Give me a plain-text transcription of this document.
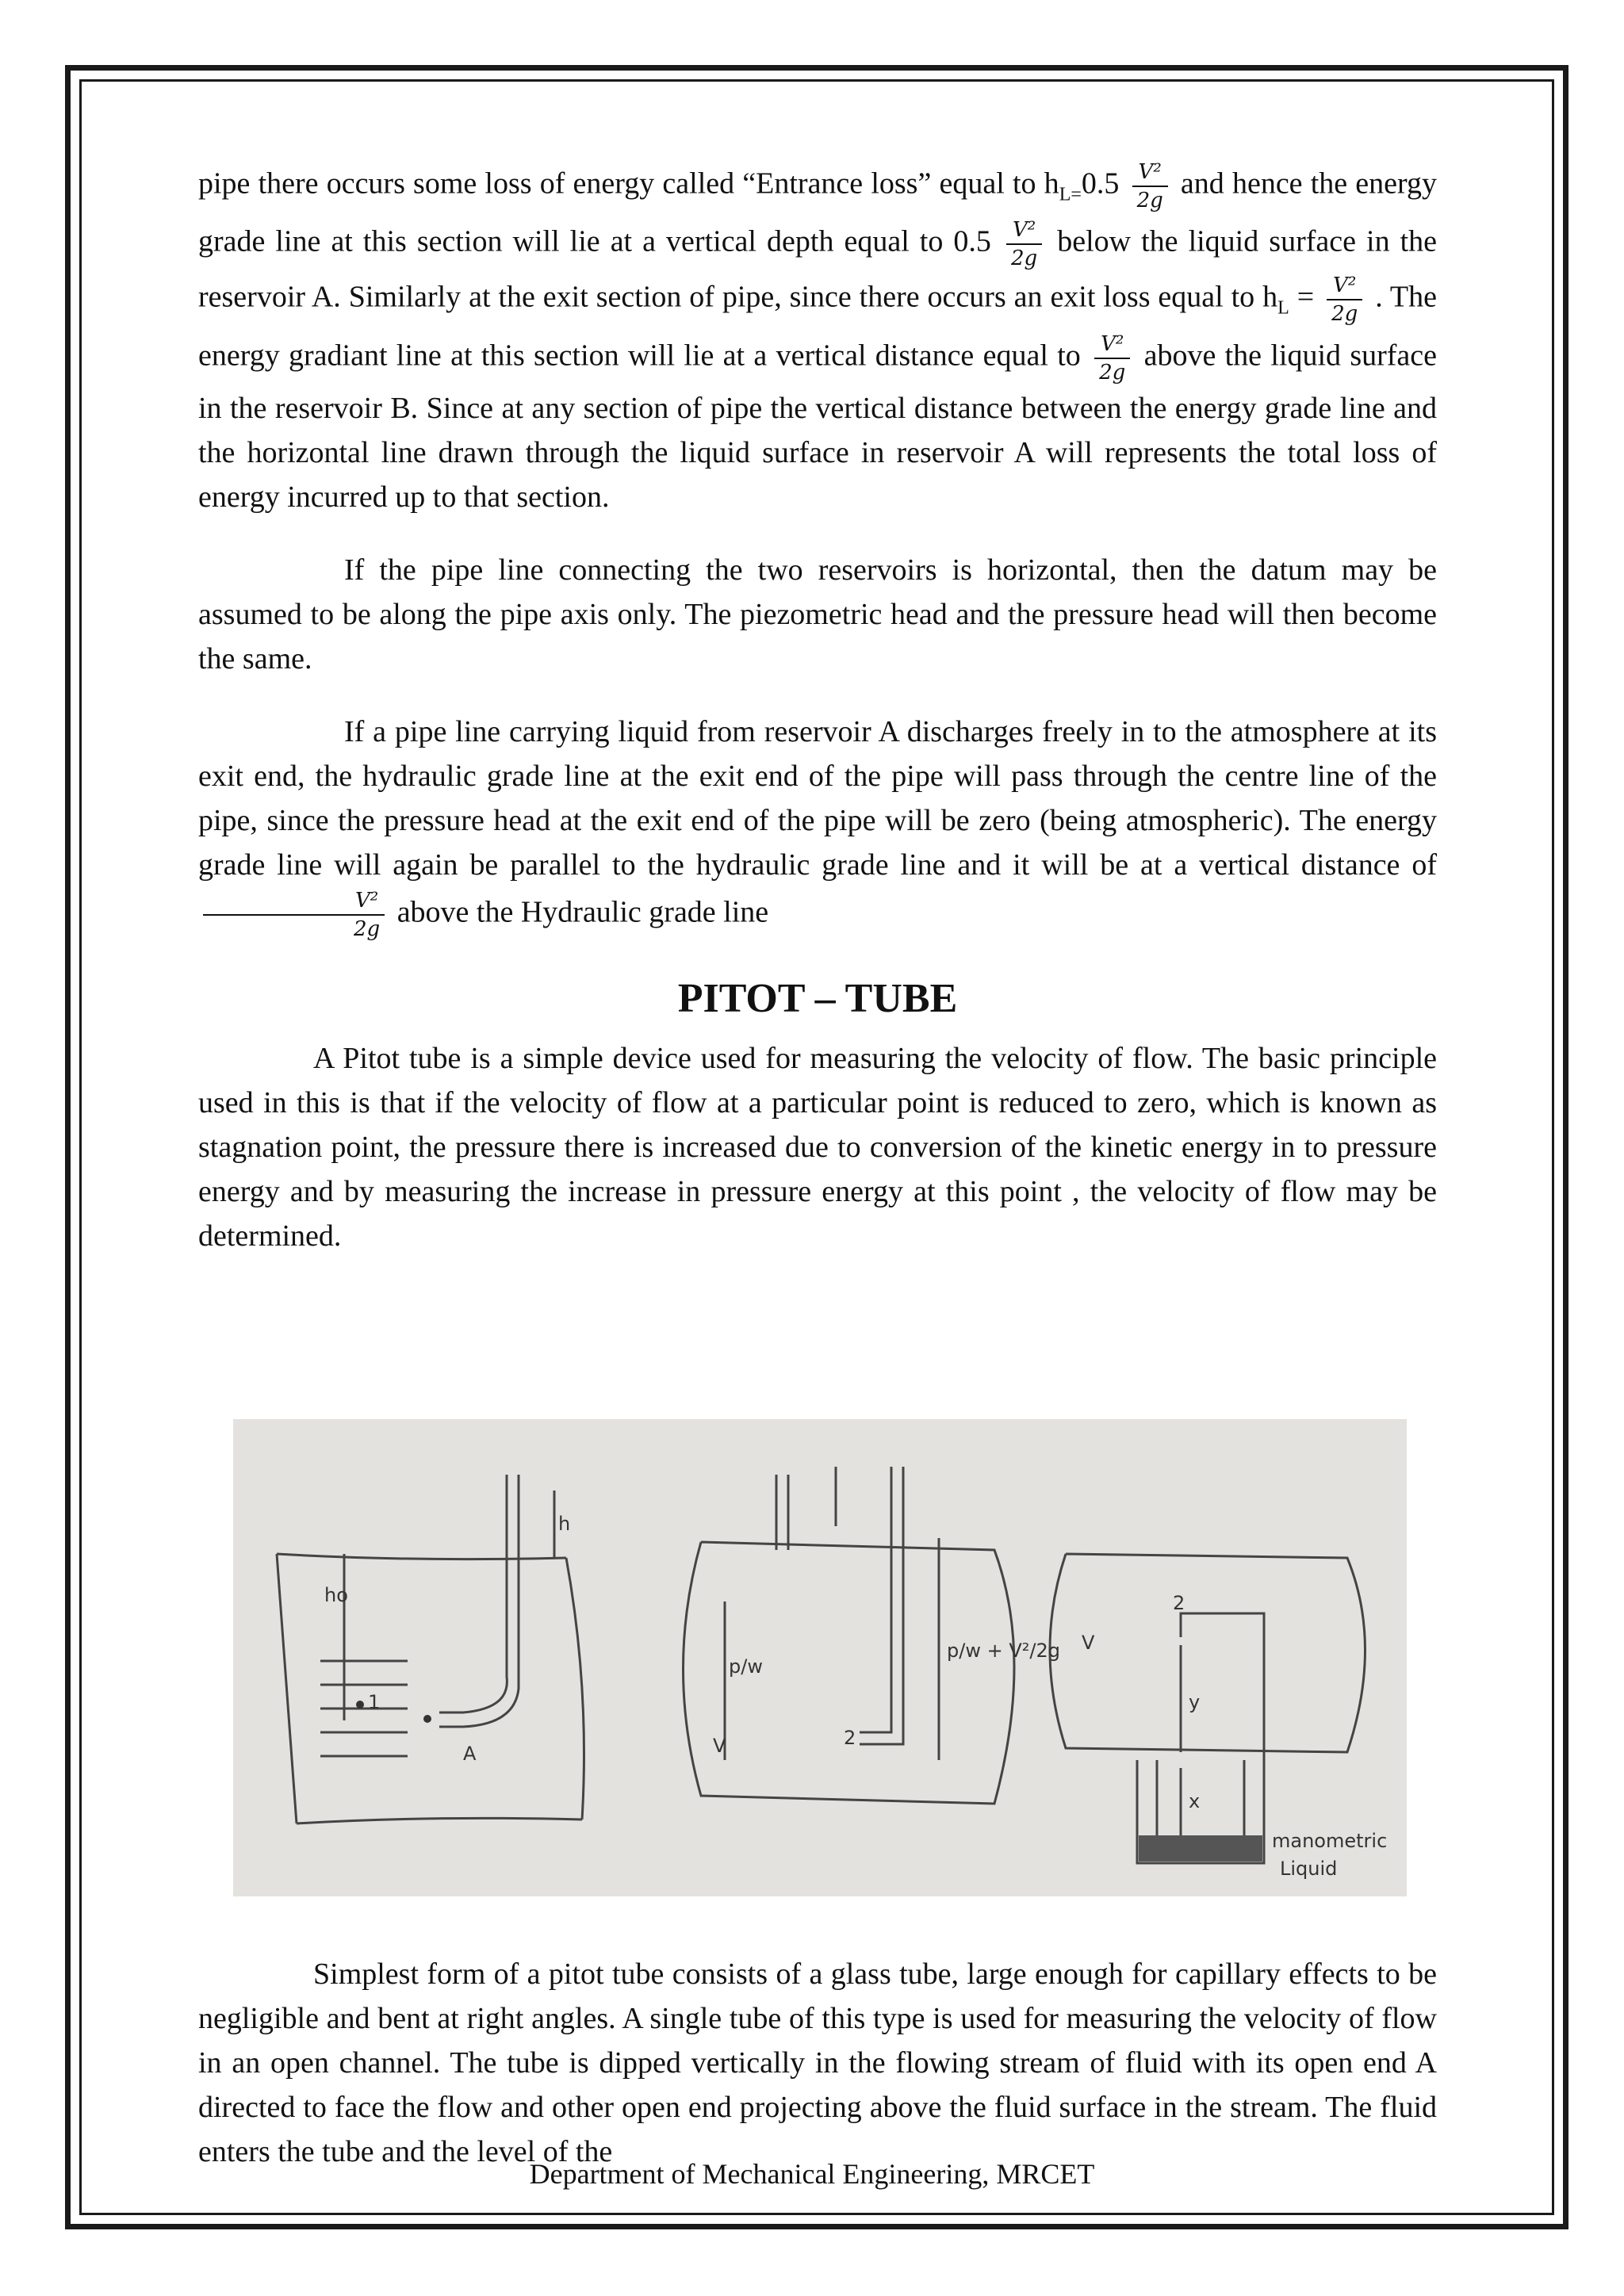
pipe there occurs some loss of energy called “Entrance loss” equal to $h_{L=}0.5 \frac{\text{V²}}{2g}$ and hence the energy grade line at this section will lie at a vertical depth equal to $0.5 \frac{\text{V²}}{2g}$ below the liquid surface in the reservoir A. Similarly at the exit section of pipe, since there occurs an exit loss equal to $h_L = \frac{\text{V²}}{2g}$ . The energy gradiant line at this section will lie at a vertical distance equal to $\frac{\text{V²}}{2g}$ above the liquid surface in the reservoir B. Since at any section of pipe the vertical distance between the energy grade line and the horizontal line drawn through the liquid surface in reservoir A will represents the total loss of energy incurred up to that section.

If the pipe line connecting the two reservoirs is horizontal, then the datum may be assumed to be along the pipe axis only. The piezometric head and the pressure head will then become the same.

If a pipe line carrying liquid from reservoir A discharges freely in to the atmosphere at its exit end, the hydraulic grade line at the exit end of the pipe will pass through the centre line of the pipe, since the pressure head at the exit end of the pipe will be zero (being atmospheric). The energy grade line will again be parallel to the hydraulic grade line and it will be at a vertical distance of
$\frac{\text{V²}}{2g}$ above the Hydraulic grade line

PITOT – TUBE

A Pitot tube is a simple device used for measuring the velocity of flow. The basic principle used in this is that if the velocity of flow at a particular point is reduced to zero, which is known as stagnation point, the pressure there is increased due to conversion of the kinetic energy in to pressure energy and by measuring the increase in pressure energy at this point , the velocity of flow may be determined.

h
ho
A
1
p/w
p/w + V²/2g
V	2
V
2
y
x
manometric
Liquid

Simplest form of a pitot tube consists of a glass tube, large enough for capillary effects to be negligible and bent at right angles. A single tube of this type is used for measuring the velocity of flow in an open channel. The tube is dipped vertically in the flowing stream of fluid with its open end A directed to face the flow and other open end projecting above the fluid surface in the stream. The fluid enters the tube and the level of the

Department of Mechanical Engineering, MRCET
